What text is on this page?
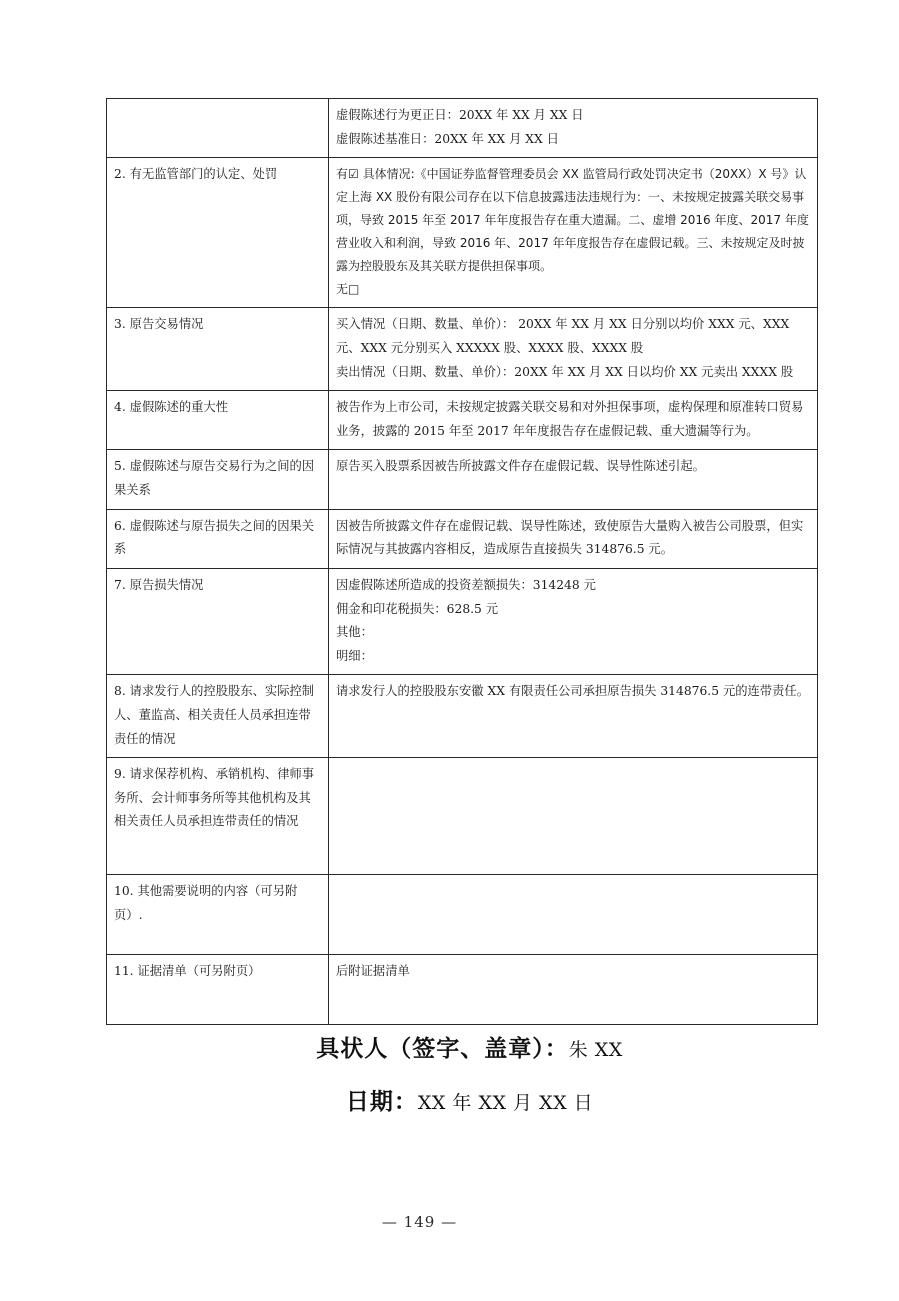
· · · · · · · ·

	虚假陈述行为更正日：20XX 年 XX 月 XX 日
虚假陈述基准日：20XX 年 XX 月 XX 日

2. 有无监管部门的认定、处罚	有☑ 具体情况:《中国证券监督管理委员会 XX 监管局行政处罚决定书（20XX）X 号》认定上海 XX 股份有限公司存在以下信息披露违法违规行为：一、未按规定披露关联交易事项，导致 2015 年至 2017 年年度报告存在重大遗漏。二、虚增 2016 年度、2017 年度营业收入和利润，导致 2016 年、2017 年年度报告存在虚假记载。三、未按规定及时披露为控股股东及其关联方提供担保事项。
无□

3. 原告交易情况	买入情况（日期、数量、单价）： 20XX 年 XX 月 XX 日分别以均价 XXX 元、XXX 元、XXX 元分别买入 XXXXX 股、XXXX 股、XXXX 股
卖出情况（日期、数量、单价）：20XX 年 XX 月 XX 日以均价 XX 元卖出 XXXX 股

4. 虚假陈述的重大性	被告作为上市公司，未按规定披露关联交易和对外担保事项，虚构保理和原准转口贸易业务，披露的 2015 年至 2017 年年度报告存在虚假记载、重大遗漏等行为。

5. 虚假陈述与原告交易行为之间的因果关系	原告买入股票系因被告所披露文件存在虚假记载、误导性陈述引起。

6. 虚假陈述与原告损失之间的因果关系	因被告所披露文件存在虚假记载、误导性陈述，致使原告大量购入被告公司股票，但实际情况与其披露内容相反，造成原告直接损失 314876.5 元。

7. 原告损失情况	因虚假陈述所造成的投资差额损失：314248 元
佣金和印花税损失：628.5 元
其他：
明细：

8. 请求发行人的控股股东、实际控制人、董监高、相关责任人员承担连带责任的情况	请求发行人的控股股东安徽 XX 有限责任公司承担原告损失 314876.5 元的连带责任。

9. 请求保荐机构、承销机构、律师事务所、会计师事务所等其他机构及其相关责任人员承担连带责任的情况	

10. 其他需要说明的内容（可另附页）.	

11. 证据清单（可另附页）	后附证据清单
具状人（签字、盖章）：朱 XX
日期：XX 年 XX 月 XX 日
— 149 —
